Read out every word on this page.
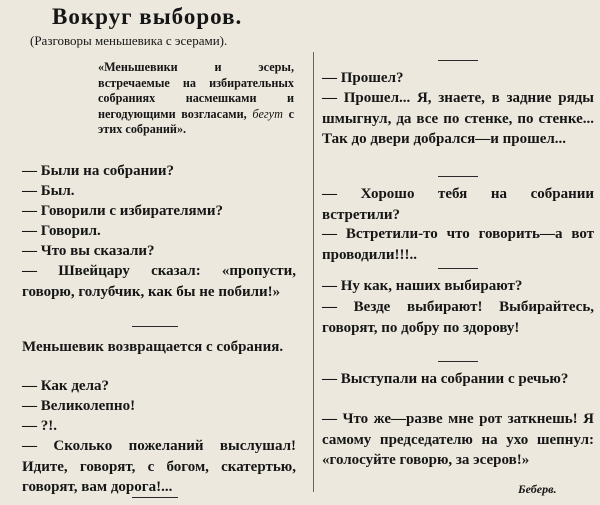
Вокруг выборов.
(Разговоры меньшевика с эсерами).
«Меньшевики и эсеры, встречаемые на избирательных собраниях насмешками и негодующими возгласами, бегут с этих собраний».

— Были на собрании?

— Был.

— Говорили с избирателями?

— Говорил.

— Что вы сказали?

— Швейцару сказал: «пропусти, говорю, голубчик, как бы не побили!»

Меньшевик возвращается с собрания.

— Как дела?

— Великолепно!

— ?!.

— Сколько пожеланий выслушал! Идите, говорят, с богом, скатертью, говорят, вам дорога!...

— Прошел?

— Прошел... Я, знаете, в задние ряды шмыгнул, да все по стенке, по стенке... Так до двери добрался—и прошел...

— Хорошо тебя на собрании встретили?

— Встретили-то что говорить—а вот проводили!!!..

— Ну как, наших выбирают?

— Везде выбирают! Выбирайтесь, говорят, по добру по здорову!

— Выступали на собрании с речью?

— Что же—разве мне рот заткнешь! Я самому председателю на ухо шепнул: «голосуйте говорю, за эсеров!»

Беберв.
